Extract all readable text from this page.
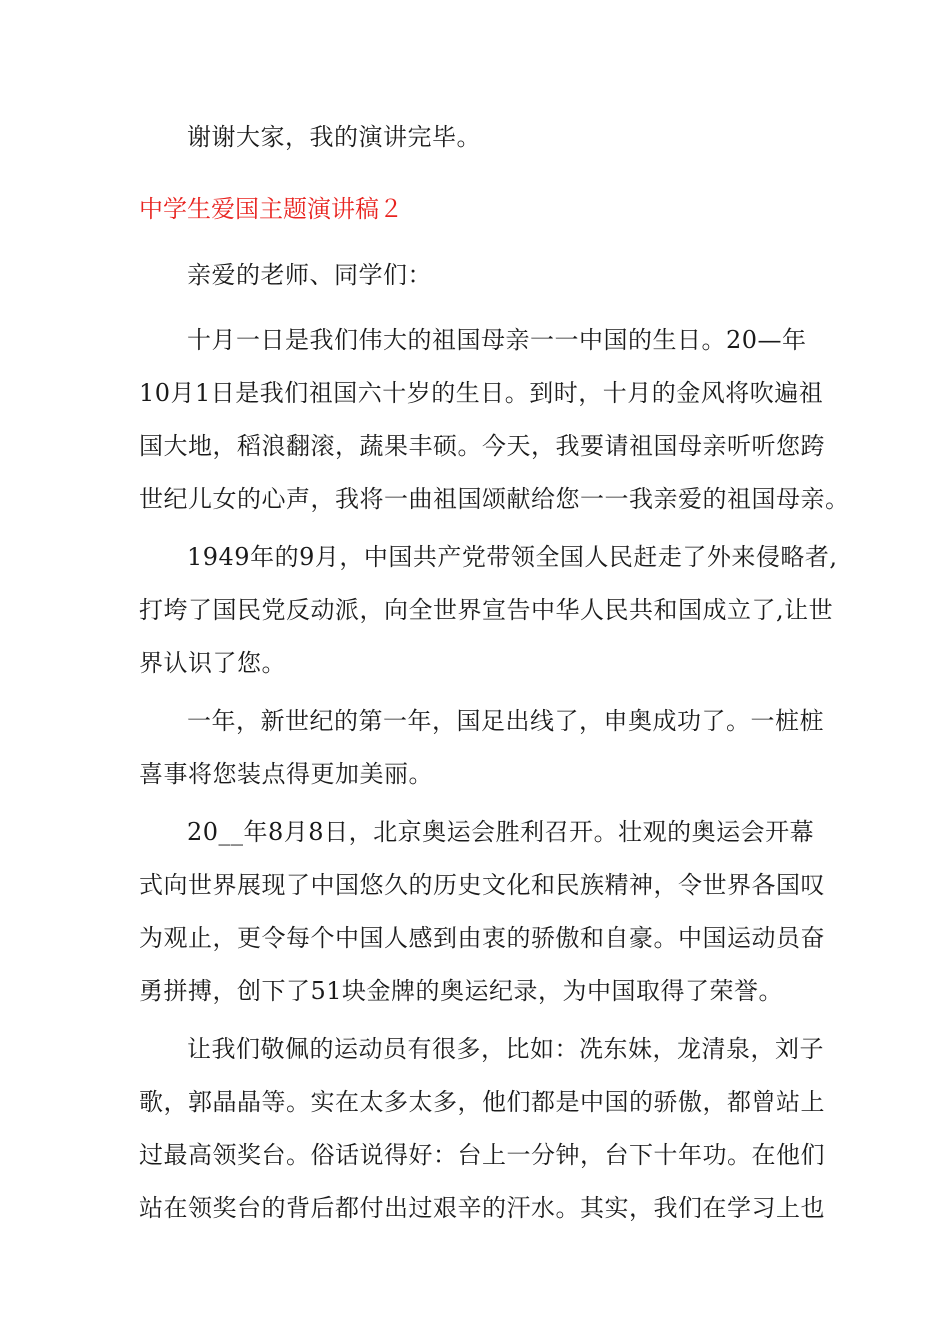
谢谢大家，我的演讲完毕。
中学生爱国主题演讲稿２
亲爱的老师、同学们：
十月一日是我们伟大的祖国母亲一一中国的生日。20—年
10月1日是我们祖国六十岁的生日。到时，十月的金风将吹遍祖
国大地，稻浪翻滚，蔬果丰硕。今天，我要请祖国母亲听听您跨
世纪儿女的心声，我将一曲祖国颂献给您一一我亲爱的祖国母亲。
1949年的9月，中国共产党带领全国人民赶走了外来侵略者,
打垮了国民党反动派，向全世界宣告中华人民共和国成立了,让世
界认识了您。
一年，新世纪的第一年，国足出线了，申奥成功了。一桩桩
喜事将您装点得更加美丽。
20__年8月8日，北京奥运会胜利召开。壮观的奥运会开幕
式向世界展现了中国悠久的历史文化和民族精神，令世界各国叹
为观止，更令每个中国人感到由衷的骄傲和自豪。中国运动员奋
勇拼搏，创下了51块金牌的奥运纪录，为中国取得了荣誉。
让我们敬佩的运动员有很多，比如：冼东妹，龙清泉，刘子
歌，郭晶晶等。实在太多太多，他们都是中国的骄傲，都曾站上
过最高领奖台。俗话说得好：台上一分钟，台下十年功。在他们
站在领奖台的背后都付出过艰辛的汗水。其实，我们在学习上也
